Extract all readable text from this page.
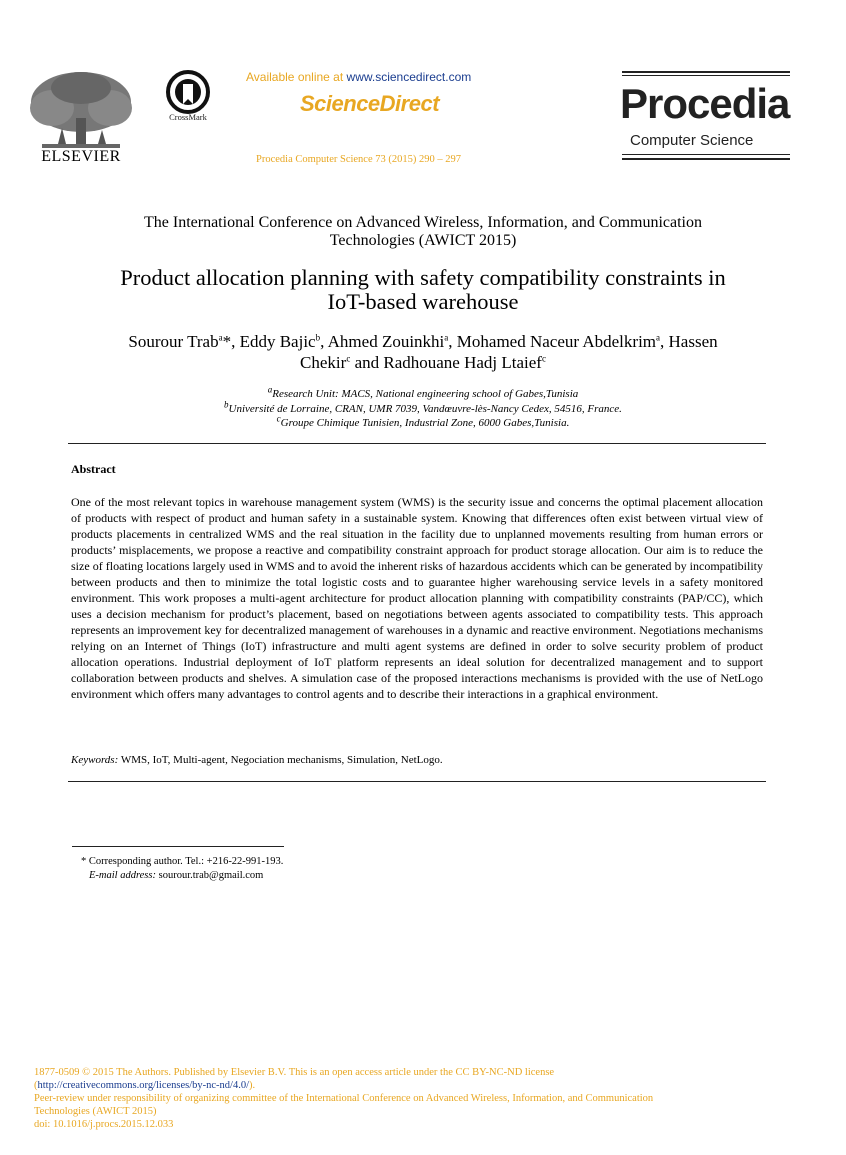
ELSEVIER
CrossMark
Available online at www.sciencedirect.com
ScienceDirect
Procedia Computer Science 73 (2015) 290 – 297
Procedia
Computer Science
The International Conference on Advanced Wireless, Information, and Communication
Technologies (AWICT 2015)
Product allocation planning with safety compatibility constraints in
IoT-based warehouse
Sourour Trab$^a$*, Eddy Bajic$^b$, Ahmed Zouinkhi$^a$, Mohamed Naceur Abdelkrim$^a$, Hassen
Chekir$^c$ and Radhouane Hadj Ltaief$^c$
$^a$Research Unit: MACS, National engineering school of Gabes,Tunisia
$^b$Université de Lorraine, CRAN, UMR 7039, Vandœuvre-lès-Nancy Cedex, 54516, France.
$^c$Groupe Chimique Tunisien, Industrial Zone, 6000 Gabes,Tunisia.
Abstract
One of the most relevant topics in warehouse management system (WMS) is the security issue and concerns the optimal placement allocation of products with respect of product and human safety in a sustainable system. Knowing that differences often exist between virtual view of products placements in centralized WMS and the real situation in the facility due to unplanned movements resulting from human errors or products’ misplacements, we propose a reactive and compatibility constraint approach for product storage allocation. Our aim is to reduce the size of floating locations largely used in WMS and to avoid the inherent risks of hazardous accidents which can be generated by incompatibility between products and then to minimize the total logistic costs and to guarantee higher warehousing service levels in a safety monitored environment. This work proposes a multi-agent architecture for product allocation planning with compatibility constraints (PAP/CC), which uses a decision mechanism for product’s placement, based on negotiations between agents associated to compatibility tests. This approach represents an improvement key for decentralized management of warehouses in a dynamic and reactive environment. Negotiations mechanisms relying on an Internet of Things (IoT) infrastructure and multi agent systems are defined in order to solve security problem of product allocation operations. Industrial deployment of IoT platform represents an ideal solution for decentralized management and to support collaboration between products and shelves. A simulation case of the proposed interactions mechanisms is provided with the use of NetLogo environment which offers many advantages to control agents and to describe their interactions in a graphical environment.
Keywords: WMS, IoT, Multi-agent, Negociation mechanisms, Simulation, NetLogo.
* Corresponding author. Tel.: +216-22-991-193.
E-mail address: sourour.trab@gmail.com
1877-0509 © 2015 The Authors. Published by Elsevier B.V. This is an open access article under the CC BY-NC-ND license
(http://creativecommons.org/licenses/by-nc-nd/4.0/).
Peer-review under responsibility of organizing committee of the International Conference on Advanced Wireless, Information, and Communication
Technologies (AWICT 2015)
doi: 10.1016/j.procs.2015.12.033
